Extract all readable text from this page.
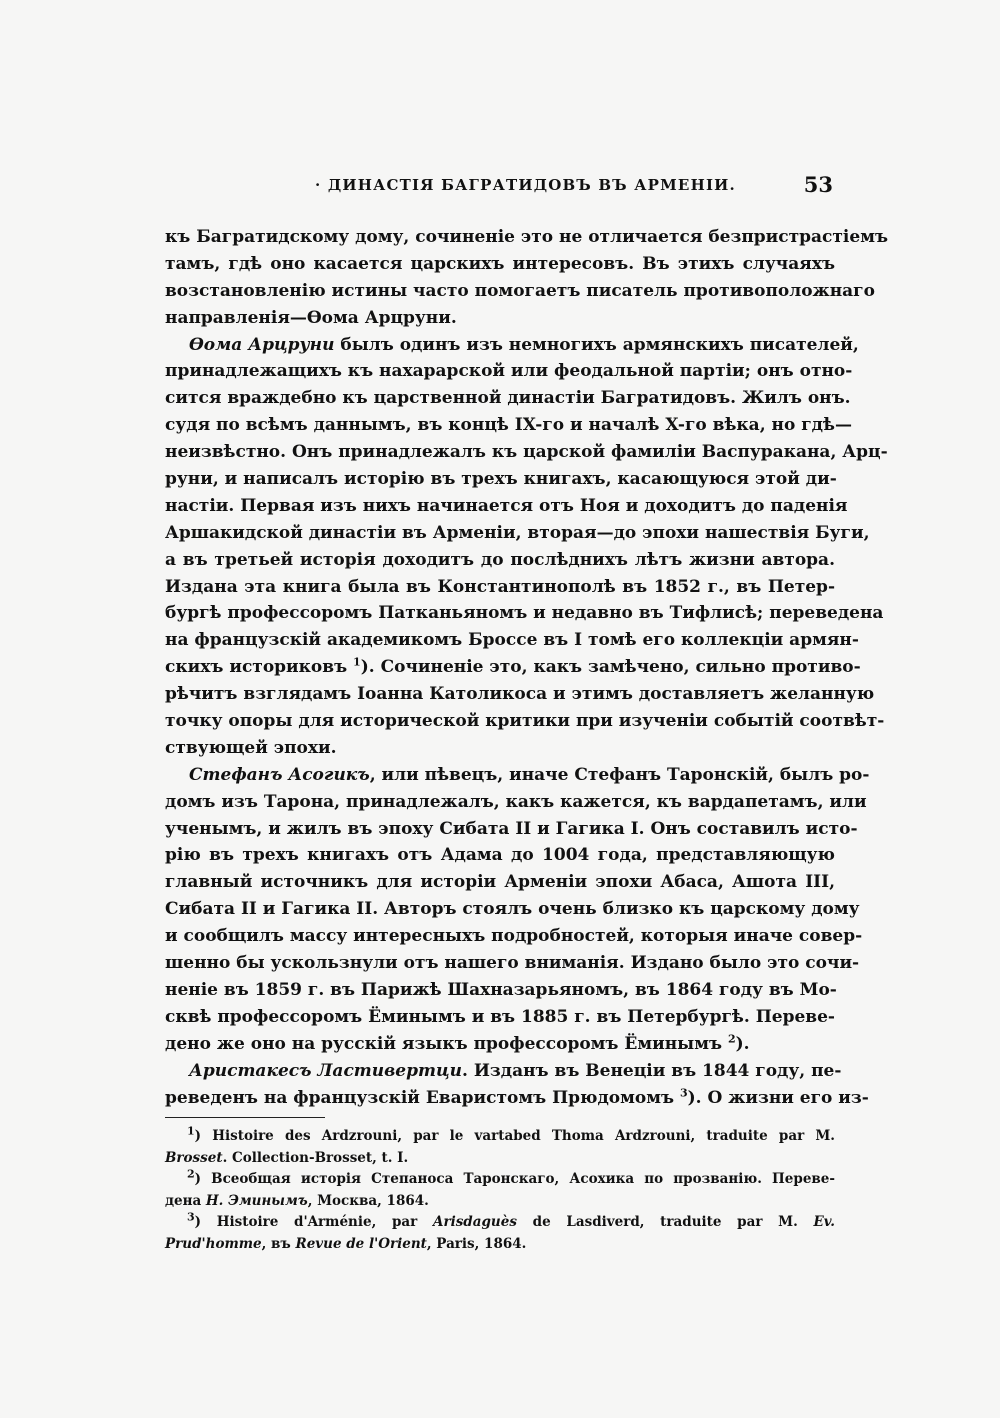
· ДИНАСТІЯ БАГРАТИДОВЪ ВЪ АРМЕНІИ.	53
къ Багратидскому дому, сочиненіе это не отличается безпристрастіемъ
тамъ, гдѣ оно касается царскихъ интересовъ. Въ этихъ случаяхъ
возстановленію истины часто помогаетъ писатель противоположнаго
направленія—Ѳома Арцруни.
Ѳома Арцруни былъ одинъ изъ немногихъ армянскихъ писателей,
принадлежащихъ къ нахарарской или феодальной партіи; онъ отно-
сится враждебно къ царственной династіи Багратидовъ. Жилъ онъ.
судя по всѣмъ даннымъ, въ концѣ IX-го и началѣ X-го вѣка, но гдѣ—
неизвѣстно. Онъ принадлежалъ къ царской фамиліи Васпуракана, Арц-
руни, и написалъ исторію въ трехъ книгахъ, касающуюся этой ди-
настіи. Первая изъ нихъ начинается отъ Ноя и доходитъ до паденія
Аршакидской династіи въ Арменіи, вторая—до эпохи нашествія Буги,
а въ третьей исторія доходитъ до послѣднихъ лѣтъ жизни автора.
Издана эта книга была въ Константинополѣ въ 1852 г., въ Петер-
бургѣ профессоромъ Патканьяномъ и недавно въ Тифлисѣ; переведена
на французскій академикомъ Броссе въ I томѣ его коллекціи армян-
скихъ историковъ $^1$). Сочиненіе это, какъ замѣчено, сильно противо-
рѣчитъ взглядамъ Іоанна Католикоса и этимъ доставляетъ желанную
точку опоры для исторической критики при изученіи событій соотвѣт-
ствующей эпохи.
Стефанъ Асогикъ, или пѣвецъ, иначе Стефанъ Таронскій, былъ ро-
домъ изъ Тарона, принадлежалъ, какъ кажется, къ вардапетамъ, или
ученымъ, и жилъ въ эпоху Сибата II и Гагика I. Онъ составилъ исто-
рію въ трехъ книгахъ отъ Адама до 1004 года, представляющую
главный источникъ для исторіи Арменіи эпохи Абаса, Ашота III,
Сибата II и Гагика II. Авторъ стоялъ очень близко къ царскому дому
и сообщилъ массу интересныхъ подробностей, которыя иначе совер-
шенно бы ускользнули отъ нашего вниманія. Издано было это сочи-
неніе въ 1859 г. въ Парижѣ Шахназарьяномъ, въ 1864 году въ Мо-
сквѣ профессоромъ Ёминымъ и въ 1885 г. въ Петербургѣ. Переве-
дено же оно на русскій языкъ профессоромъ Ёминымъ $^2$).
Аристакесъ Ластивертци. Изданъ въ Венеціи въ 1844 году, пе-
реведенъ на французскій Еваристомъ Прюдомомъ $^3$). О жизни его из-
$^1$) Histoire des Ardzrouni, par le vartabed Thoma Ardzrouni, traduite par M.
Brosset. Collection-Brosset, t. I.
$^2$) Всеобщая исторія Степаноса Таронскаго, Асохика по прозванію. Переве-
дена Н. Эминымъ, Москва, 1864.
$^3$) Histoire d'Arménie, par Arisdaguès de Lasdiverd, traduite par M. Ev.
Prud'homme, въ Revue de l'Orient, Paris, 1864.
